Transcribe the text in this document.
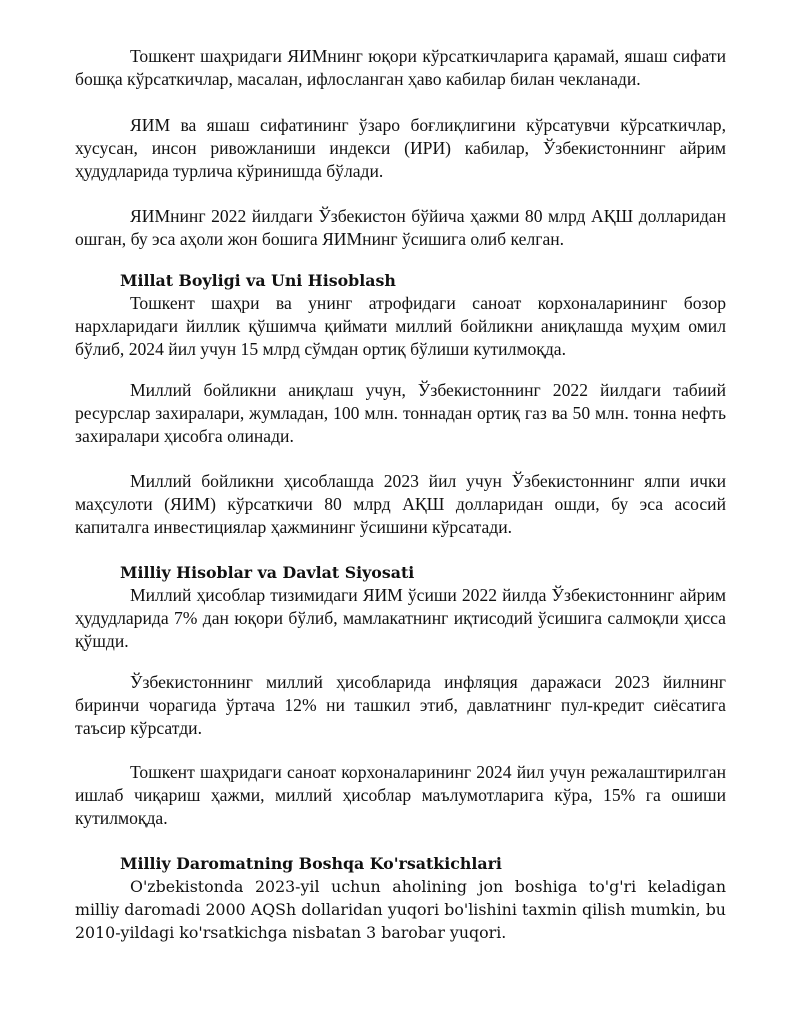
Тошкент шаҳридаги ЯИМнинг юқори кўрсаткичларига қарамай, яшаш сифати бошқа кўрсаткичлар, масалан, ифлосланган ҳаво кабилар билан чекланади.

ЯИМ ва яшаш сифатининг ўзаро боғлиқлигини кўрсатувчи кўрсаткичлар, хусусан, инсон ривожланиши индекси (ИРИ) кабилар, Ўзбекистоннинг айрим ҳудудларида турлича кўринишда бўлади.

ЯИМнинг 2022 йилдаги Ўзбекистон бўйича ҳажми 80 млрд АҚШ долларидан ошган, бу эса аҳоли жон бошига ЯИМнинг ўсишига олиб келган.

Millat Boyligi va Uni Hisoblash

Тошкент шаҳри ва унинг атрофидаги саноат корхоналарининг бозор нархларидаги йиллик қўшимча қиймати миллий бойликни аниқлашда муҳим омил бўлиб, 2024 йил учун 15 млрд сўмдан ортиқ бўлиши кутилмоқда.

Миллий бойликни аниқлаш учун, Ўзбекистоннинг 2022 йилдаги табиий ресурслар захиралари, жумладан, 100 млн. тоннадан ортиқ газ ва 50 млн. тонна нефть захиралари ҳисобга олинади.

Миллий бойликни ҳисоблашда 2023 йил учун Ўзбекистоннинг ялпи ички маҳсулоти (ЯИМ) кўрсаткичи 80 млрд АҚШ долларидан ошди, бу эса асосий капиталга инвестициялар ҳажмининг ўсишини кўрсатади.

Milliy Hisoblar va Davlat Siyosati

Миллий ҳисоблар тизимидаги ЯИМ ўсиши 2022 йилда Ўзбекистоннинг айрим ҳудудларида 7% дан юқори бўлиб, мамлакатнинг иқтисодий ўсишига салмоқли ҳисса қўшди.

Ўзбекистоннинг миллий ҳисобларида инфляция даражаси 2023 йилнинг биринчи чорагида ўртача 12% ни ташкил этиб, давлатнинг пул-кредит сиёсатига таъсир кўрсатди.

Тошкент шаҳридаги саноат корхоналарининг 2024 йил учун режалаштирилган ишлаб чиқариш ҳажми, миллий ҳисоблар маълумотларига кўра, 15% га ошиши кутилмоқда.

Milliy Daromatning Boshqa Ko'rsatkichlari

O'zbekistonda 2023-yil uchun aholining jon boshiga to'g'ri keladigan milliy daromadi 2000 AQSh dollaridan yuqori bo'lishini taxmin qilish mumkin, bu 2010-yildagi ko'rsatkichga nisbatan 3 barobar yuqori.
